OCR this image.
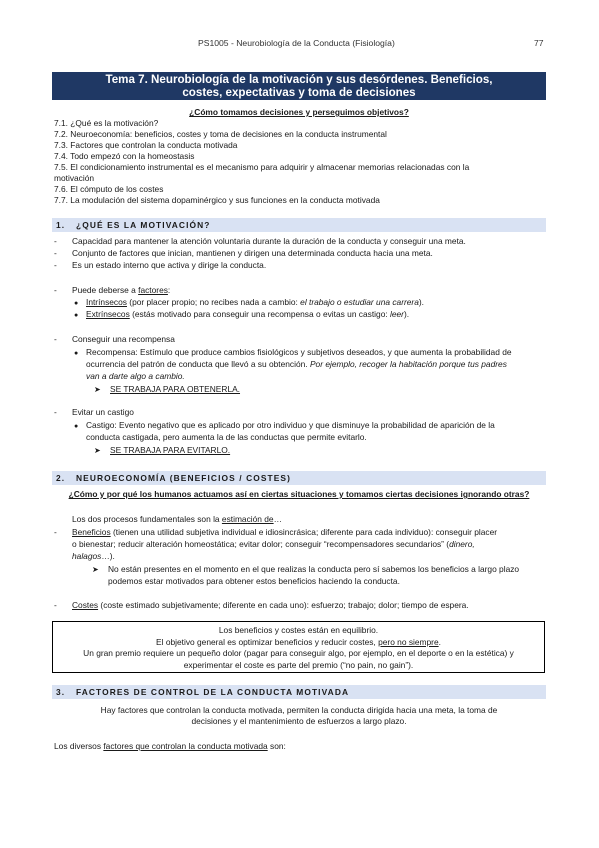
PS1005 - Neurobiología de la Conducta (Fisiología)	77
Tema 7. Neurobiología de la motivación y sus desórdenes. Beneficios,
costes, expectativas y toma de decisiones
¿Cómo tomamos decisiones y perseguimos objetivos?
7.1. ¿Qué es la motivación?
7.2. Neuroeconomía: beneficios, costes y toma de decisiones en la conducta instrumental
7.3. Factores que controlan la conducta motivada
7.4. Todo empezó con la homeostasis
7.5. El condicionamiento instrumental es el mecanismo para adquirir y almacenar memorias relacionadas con la
motivación
7.6. El cómputo de los costes
7.7. La modulación del sistema dopaminérgico y sus funciones en la conducta motivada
1. ¿QUÉ ES LA MOTIVACIÓN?
- Capacidad para mantener la atención voluntaria durante la duración de la conducta y conseguir una meta.
- Conjunto de factores que inician, mantienen y dirigen una determinada conducta hacia una meta.
- Es un estado interno que activa y dirige la conducta.
- Puede deberse a factores:
● Intrínsecos (por placer propio; no recibes nada a cambio: el trabajo o estudiar una carrera).
● Extrínsecos (estás motivado para conseguir una recompensa o evitas un castigo: leer).
- Conseguir una recompensa
● Recompensa: Estímulo que produce cambios fisiológicos y subjetivos deseados, y que aumenta la probabilidad de
ocurrencia del patrón de conducta que llevó a su obtención. Por ejemplo, recoger la habitación porque tus padres
van a darte algo a cambio.
➤ SE TRABAJA PARA OBTENERLA.
- Evitar un castigo
● Castigo: Evento negativo que es aplicado por otro individuo y que disminuye la probabilidad de aparición de la
conducta castigada, pero aumenta la de las conductas que permite evitarlo.
➤ SE TRABAJA PARA EVITARLO.
2. NEUROECONOMÍA (BENEFICIOS / COSTES)
¿Cómo y por qué los humanos actuamos así en ciertas situaciones y tomamos ciertas decisiones ignorando otras?
Los dos procesos fundamentales son la estimación de…
- Beneficios (tienen una utilidad subjetiva individual e idiosincrásica; diferente para cada individuo): conseguir placer
o bienestar; reducir alteración homeostática; evitar dolor; conseguir “recompensadores secundarios” (dinero,
halagos…).
➤ No están presentes en el momento en el que realizas la conducta pero sí sabemos los beneficios a largo plazo
podemos estar motivados para obtener estos beneficios haciendo la conducta.
- Costes (coste estimado subjetivamente; diferente en cada uno): esfuerzo; trabajo; dolor; tiempo de espera.
Los beneficios y costes están en equilibrio.
El objetivo general es optimizar beneficios y reducir costes, pero no siempre.
Un gran premio requiere un pequeño dolor (pagar para conseguir algo, por ejemplo, en el deporte o en la estética) y
experimentar el coste es parte del premio (“no pain, no gain”).
3. FACTORES DE CONTROL DE LA CONDUCTA MOTIVADA
Hay factores que controlan la conducta motivada, permiten la conducta dirigida hacia una meta, la toma de
decisiones y el mantenimiento de esfuerzos a largo plazo.
Los diversos factores que controlan la conducta motivada son:
